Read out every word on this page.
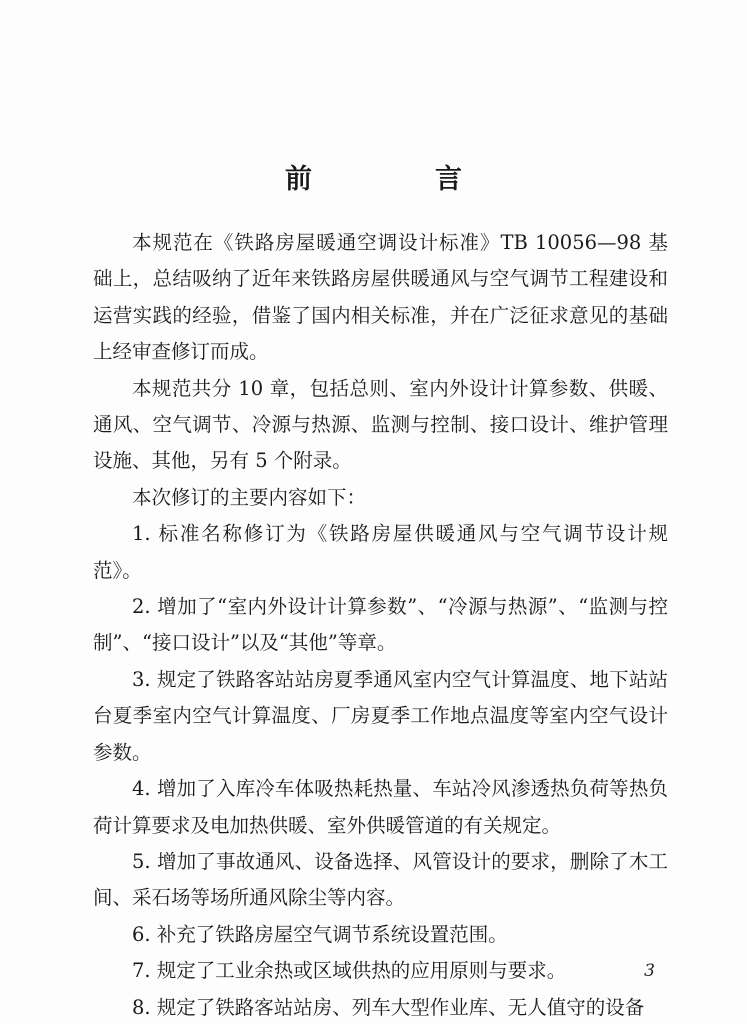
前　言

本规范在《铁路房屋暖通空调设计标准》TB 10056—98 基础上，总结吸纳了近年来铁路房屋供暖通风与空气调节工程建设和运营实践的经验，借鉴了国内相关标准，并在广泛征求意见的基础上经审查修订而成。

本规范共分 10 章，包括总则、室内外设计计算参数、供暖、通风、空气调节、冷源与热源、监测与控制、接口设计、维护管理设施、其他，另有 5 个附录。

本次修订的主要内容如下：

1. 标准名称修订为《铁路房屋供暖通风与空气调节设计规范》。

2. 增加了“室内外设计计算参数”、“冷源与热源”、“监测与控制”、“接口设计”以及“其他”等章。

3. 规定了铁路客站站房夏季通风室内空气计算温度、地下站站台夏季室内空气计算温度、厂房夏季工作地点温度等室内空气设计参数。

4. 增加了入库冷车体吸热耗热量、车站冷风渗透热负荷等热负荷计算要求及电加热供暖、室外供暖管道的有关规定。

5. 增加了事故通风、设备选择、风管设计的要求，删除了木工间、采石场等场所通风除尘等内容。

6. 补充了铁路房屋空气调节系统设置范围。

7. 规定了工业余热或区域供热的应用原则与要求。

8. 规定了铁路客站站房、列车大型作业库、无人值守的设备

3
